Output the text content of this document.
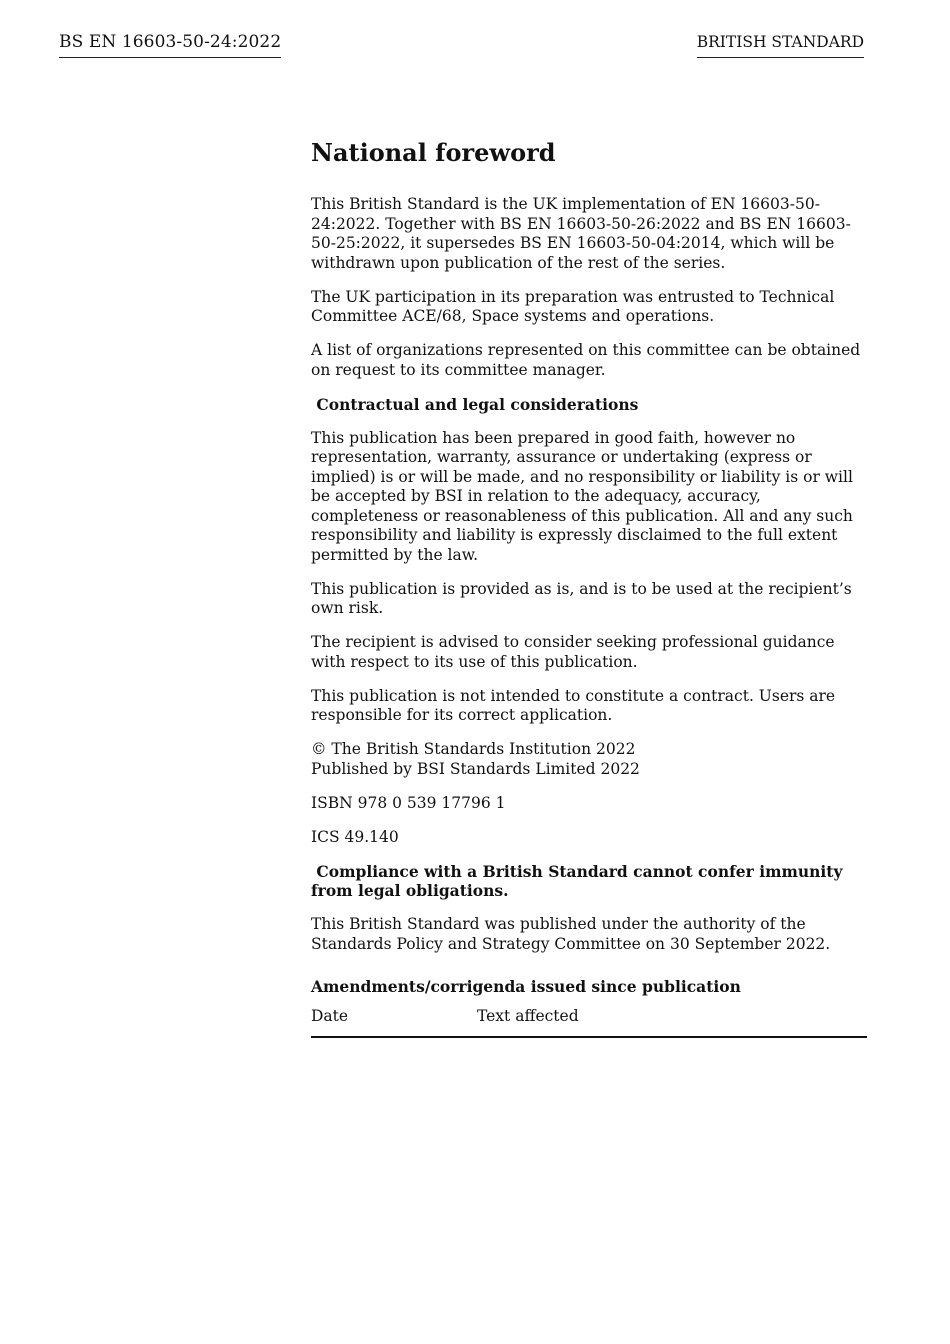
BS EN 16603-50-24:2022	BRITISH STANDARD
National foreword

This British Standard is the UK implementation of EN 16603-50-24:2022. Together with BS EN 16603-50-26:2022 and BS EN 16603-50-25:2022, it supersedes BS EN 16603-50-04:2014, which will be withdrawn upon publication of the rest of the series.

The UK participation in its preparation was entrusted to Technical Committee ACE/68, Space systems and operations.

A list of organizations represented on this committee can be obtained on request to its committee manager.

Contractual and legal considerations

This publication has been prepared in good faith, however no representation, warranty, assurance or undertaking (express or implied) is or will be made, and no responsibility or liability is or will be accepted by BSI in relation to the adequacy, accuracy, completeness or reasonableness of this publication. All and any such responsibility and liability is expressly disclaimed to the full extent permitted by the law.

This publication is provided as is, and is to be used at the recipient’s own risk.

The recipient is advised to consider seeking professional guidance with respect to its use of this publication.

This publication is not intended to constitute a contract. Users are responsible for its correct application.

© The British Standards Institution 2022
Published by BSI Standards Limited 2022

ISBN 978 0 539 17796 1

ICS 49.140

Compliance with a British Standard cannot confer immunity from legal obligations.

This British Standard was published under the authority of the Standards Policy and Strategy Committee on 30 September 2022.

Amendments/corrigenda issued since publication
Date	Text affected
